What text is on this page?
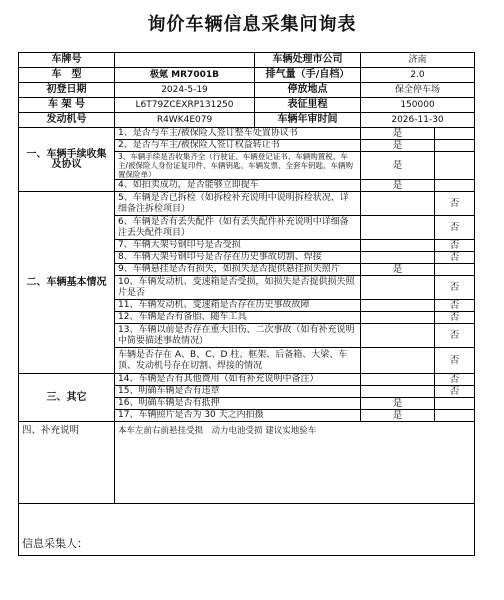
询价车辆信息采集问询表
车牌号		车辆处理市公司	济南	
车　型	极氪 MR7001B	排气量（手/自档）	2.0	
初登日期	2024-5-19	停放地点	保全停车场	
车 架 号	L6T79ZCEXRP131250	表征里程	150000	
发动机号	R4WK4E079	车辆年审时间	2026-11-30	
一、车辆手续收集及协议	1、是否与车主/被保险人签订整车处置协议书		是	
	2、是否与车主/被保险人签订权益转让书		是	
	3、车辆手续是否收集齐全（行驶证、车辆登记证书、车辆购置税、车主/被保险人身份证复印件、车辆钥匙、车辆发票、全套车钥匙、车辆购置保险单）		是	
	4、如拍卖成功，是否能够立即提车		是	
二、车辆基本情况	5、车辆是否已拆检（如拆检补充说明中说明拆检状况、详细备注拆检项目）			否
	6、车辆是否有丢失配件（如有丢失配件补充说明中详细备注丢失配件项目）			否
	7、车辆大架号钢印号是否受损			否
	8、车辆大架号钢印号是否存在历史事故切割、焊接			否
	9、车辆悬挂是否有损失，如损失是否提供悬挂损失照片		是	
	10、车辆发动机、变速箱是否受损，如损失是否提供损失照片是否			否
	11、车辆发动机、变速箱是否存在历史事故故障			否
	12、车辆是否有备胎、随车工具			否
	13、车辆以前是否存在重大旧伤、二次事故（如有补充说明中简要描述事故情况）			否
	车辆是否存在 A、B、C、D 柱、框架、后备箱、大梁、车顶、发动机号存在切割、焊接的情况			否
三、其它	14、车辆是否有其他费用（如有补充说明中备注）			否
	15、明确车辆是否有违章			否
	16、明确车辆是否有抵押		是	
	17、车辆照片是否为 30 天之内拍摄		是	
四、补充说明	本车左前右前悬挂受损　动力电池受损 建议实地验车			
信息采集人：				
